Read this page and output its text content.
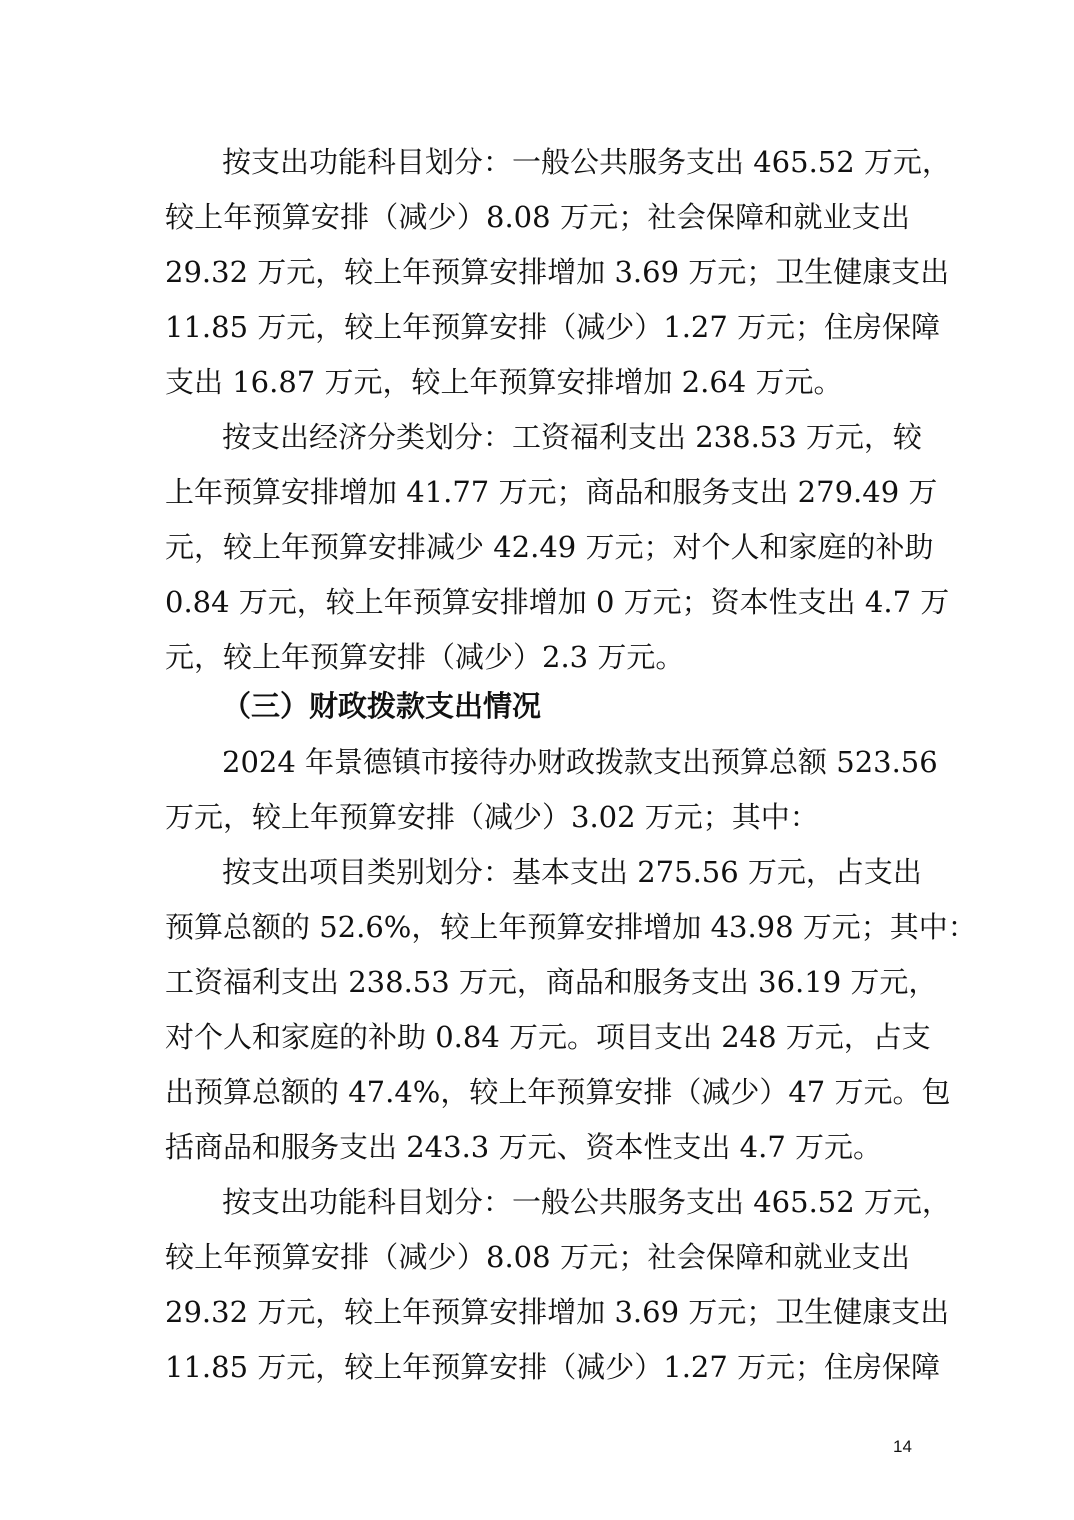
按支出功能科目划分：一般公共服务支出 465.52 万元，
较上年预算安排（减少）8.08 万元；社会保障和就业支出
29.32 万元，较上年预算安排增加 3.69 万元；卫生健康支出
11.85 万元，较上年预算安排（减少）1.27 万元；住房保障
支出 16.87 万元，较上年预算安排增加 2.64 万元。
按支出经济分类划分：工资福利支出 238.53 万元，较
上年预算安排增加 41.77 万元；商品和服务支出 279.49 万
元，较上年预算安排减少 42.49 万元；对个人和家庭的补助
0.84 万元，较上年预算安排增加 0 万元；资本性支出 4.7 万
元，较上年预算安排（减少）2.3 万元。
（三）财政拨款支出情况
2024 年景德镇市接待办财政拨款支出预算总额 523.56
万元，较上年预算安排（减少）3.02 万元；其中：
按支出项目类别划分：基本支出 275.56 万元，占支出
预算总额的 52.6%，较上年预算安排增加 43.98 万元；其中：
工资福利支出 238.53 万元，商品和服务支出 36.19 万元，
对个人和家庭的补助 0.84 万元。项目支出 248 万元，占支
出预算总额的 47.4%，较上年预算安排（减少）47 万元。包
括商品和服务支出 243.3 万元、资本性支出 4.7 万元。
按支出功能科目划分：一般公共服务支出 465.52 万元，
较上年预算安排（减少）8.08 万元；社会保障和就业支出
29.32 万元，较上年预算安排增加 3.69 万元；卫生健康支出
11.85 万元，较上年预算安排（减少）1.27 万元；住房保障
14
